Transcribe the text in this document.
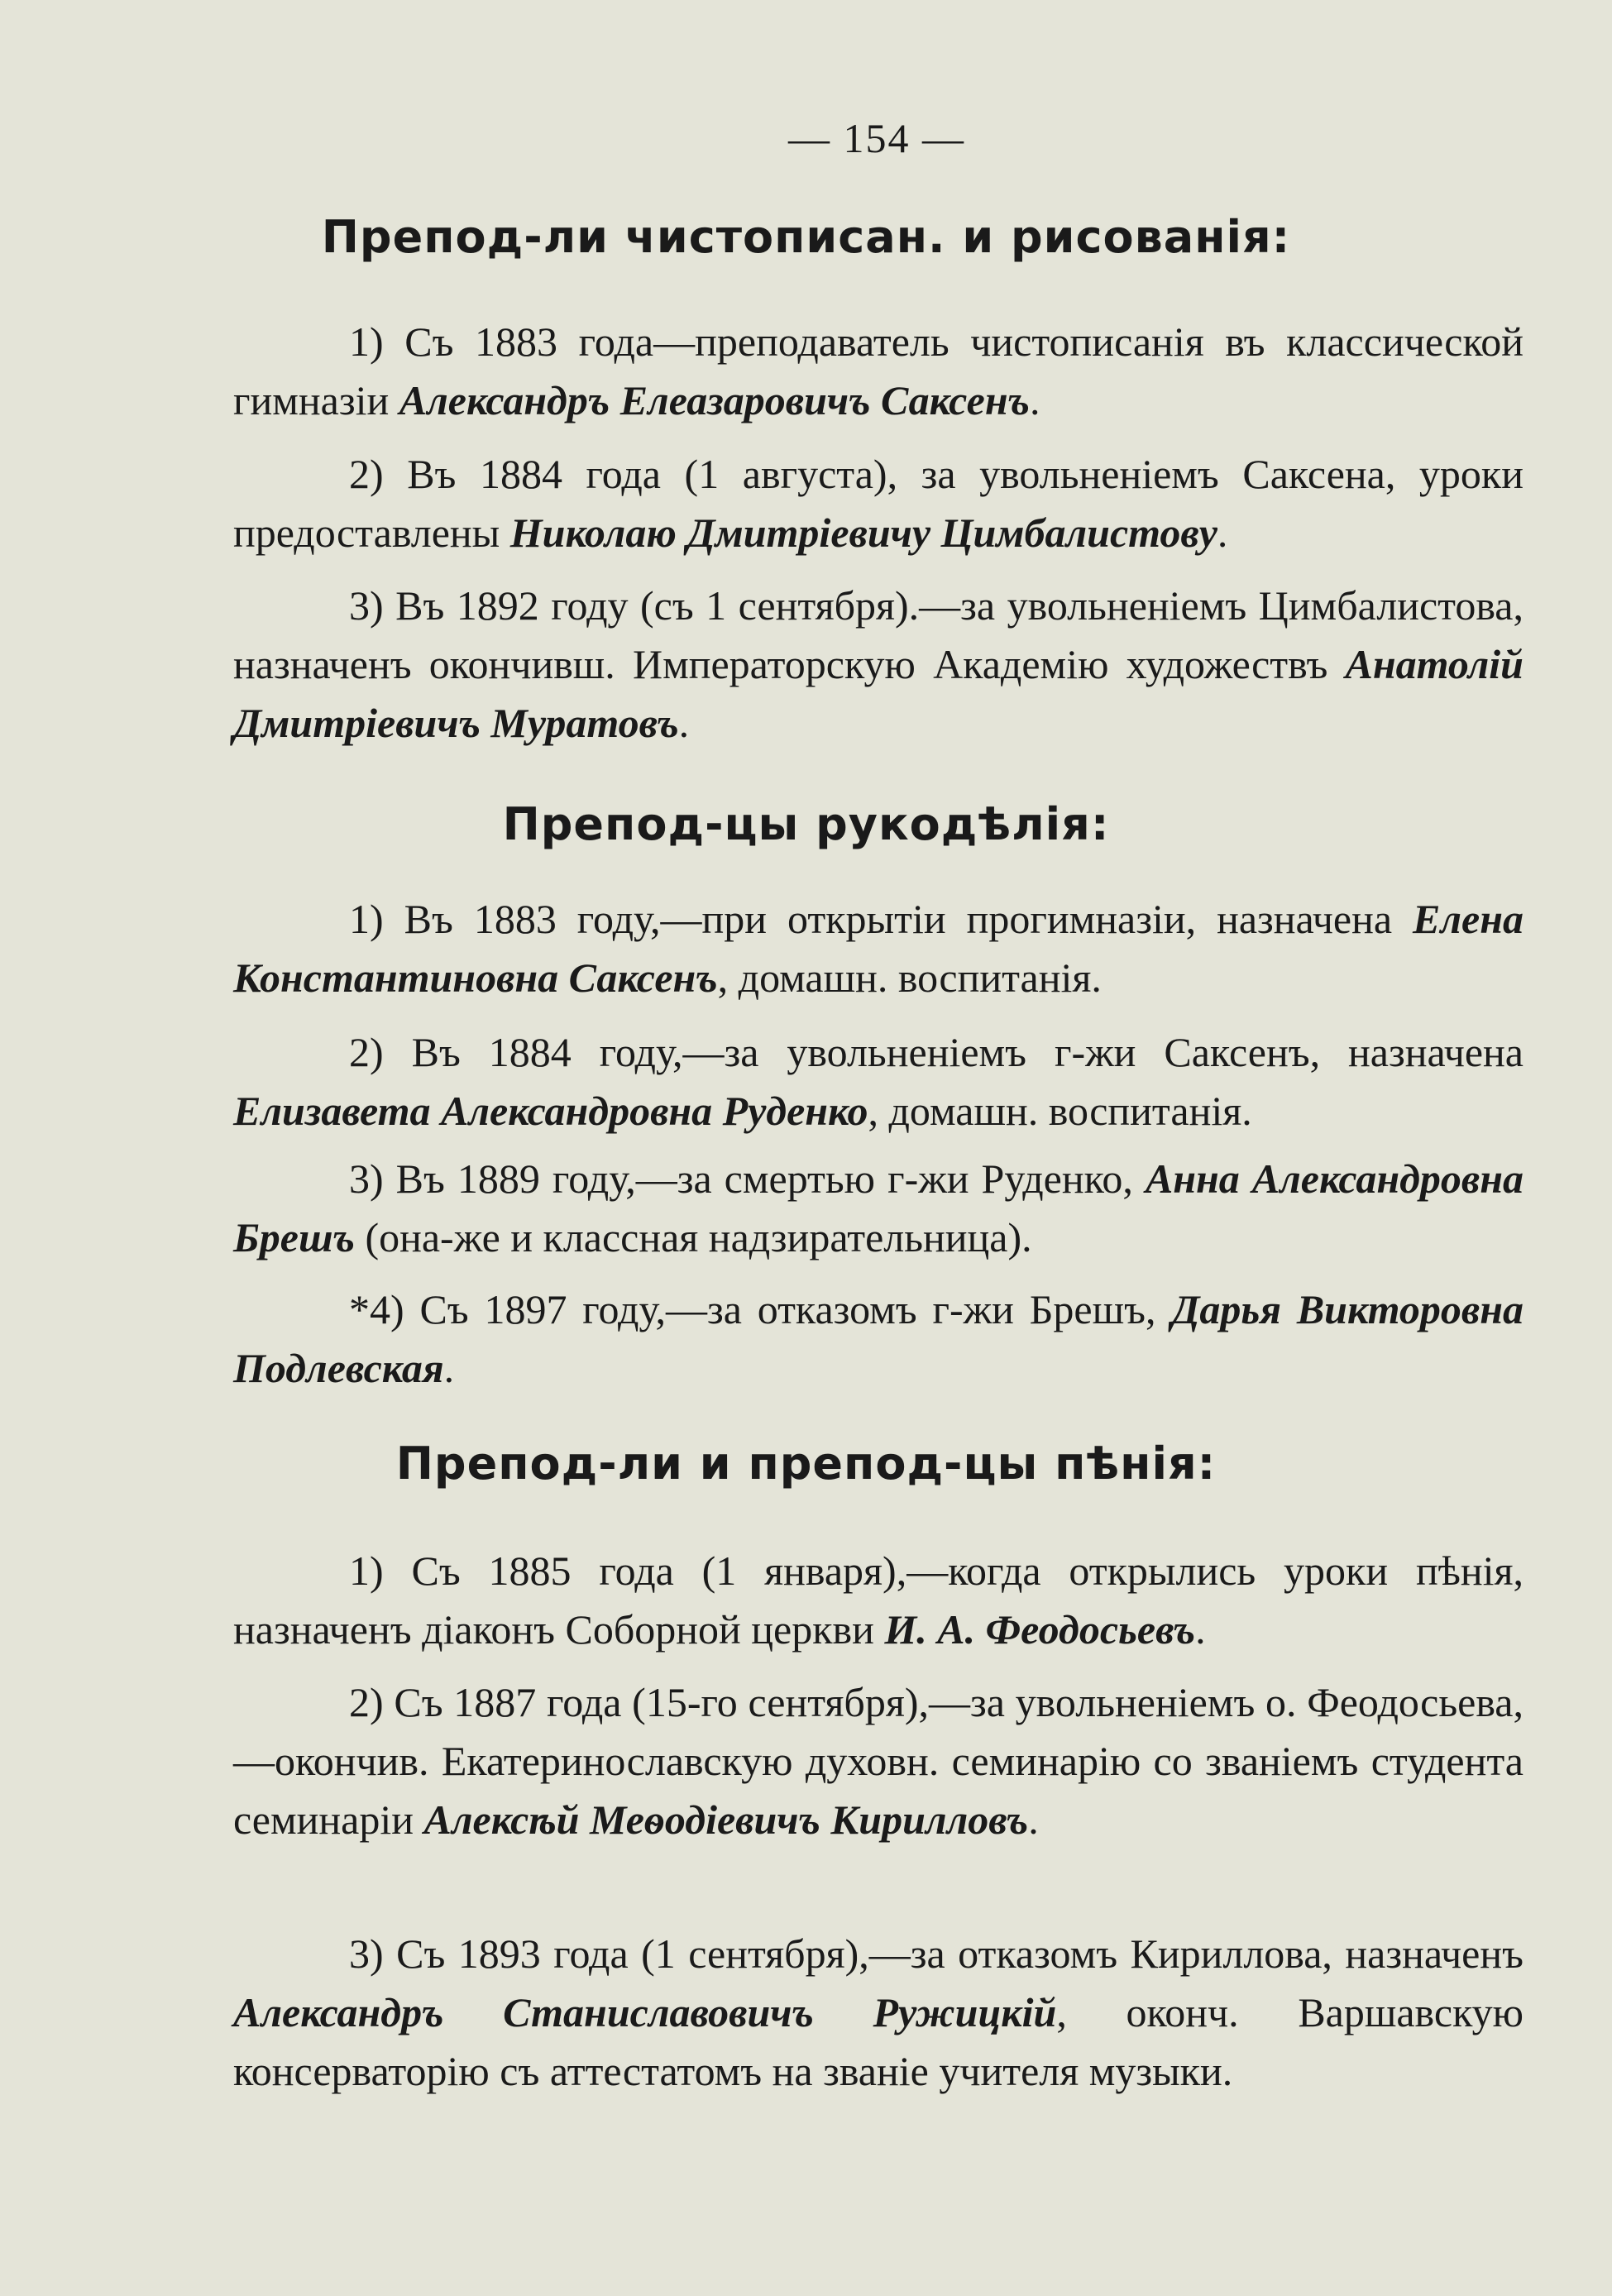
— 154 —
Препод-ли чистописан. и рисованія:
1) Съ 1883 года—преподаватель чистописанія въ классической гимназіи Александръ Елеазаровичъ Саксенъ.
2) Въ 1884 года (1 августа), за увольненіемъ Саксена, уроки предоставлены Николаю Дмитріевичу Цимбалистову.
3) Въ 1892 году (съ 1 сентября).—за увольненіемъ Цимбалистова, назначенъ окончивш. Императорскую Академію художествъ Анатолій Дмитріевичъ Муратовъ.
Препод-цы рукодѣлія:
1) Въ 1883 году,—при открытіи прогимназіи, назначена Елена Константиновна Саксенъ, домашн. воспитанія.
2) Въ 1884 году,—за увольненіемъ г-жи Саксенъ, назначена Елизавета Александровна Руденко, домашн. воспитанія.
3) Въ 1889 году,—за смертью г-жи Руденко, Анна Александровна Брешъ (она-же и классная надзирательница).
*4) Съ 1897 году,—за отказомъ г-жи Брешъ, Дарья Викторовна Подлевская.
Препод-ли и препод-цы пѣнія:
1) Съ 1885 года (1 января),—когда открылись уроки пѣнія, назначенъ діаконъ Соборной церкви И. А. Феодосьевъ.
2) Съ 1887 года (15-го сентября),—за увольненіемъ о. Феодосьева,—окончив. Екатеринославскую духовн. семинарію со званіемъ студента семинаріи Алексѣй Меѳодіевичъ Кирилловъ.
3) Съ 1893 года (1 сентября),—за отказомъ Кириллова, назначенъ Александръ Станиславовичъ Ружицкій, оконч. Варшавскую консерваторію съ аттестатомъ на званіе учителя музыки.
